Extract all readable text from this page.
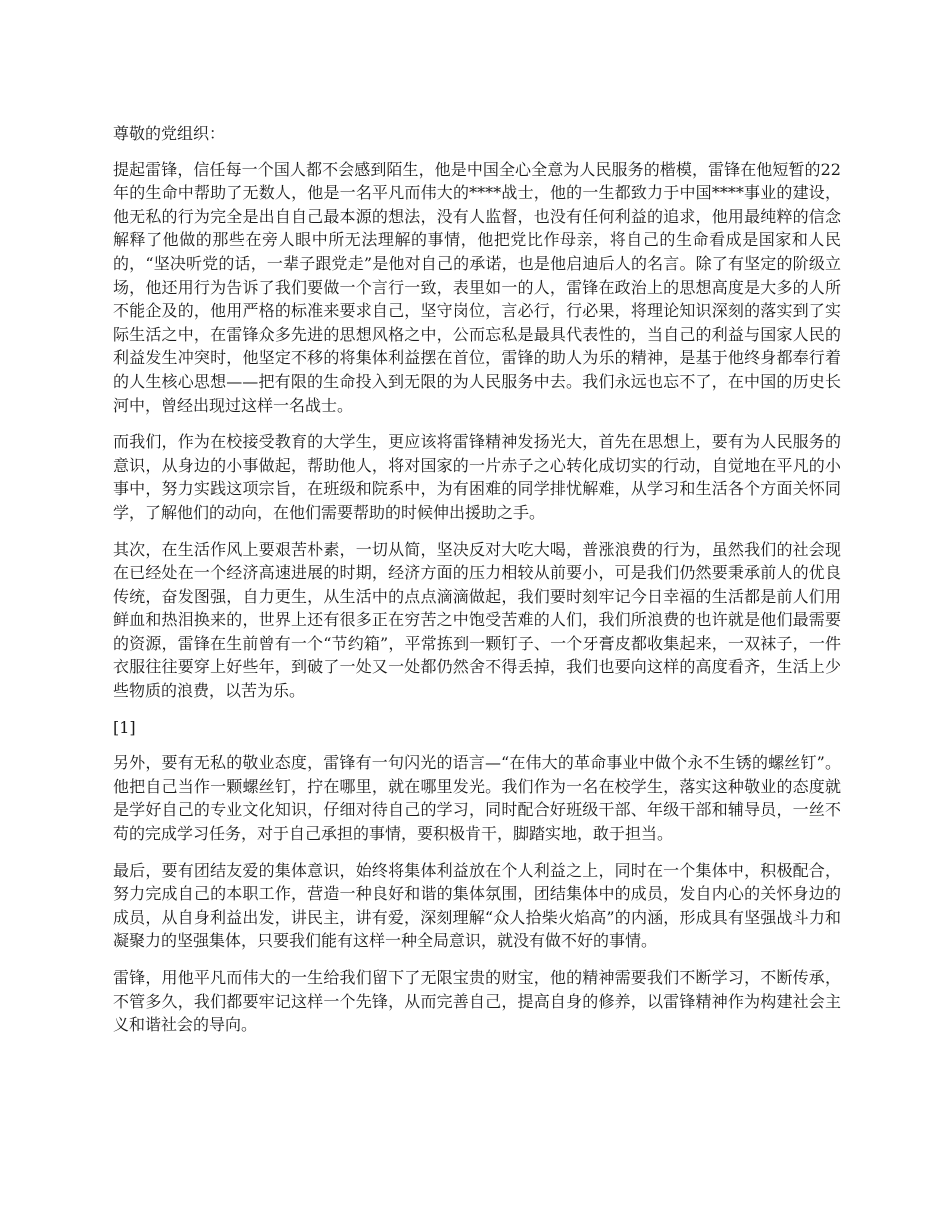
尊敬的党组织：

提起雷锋，信任每一个国人都不会感到陌生，他是中国全心全意为人民服务的楷模，雷锋在他短暂的22年的生命中帮助了无数人，他是一名平凡而伟大的****战士，他的一生都致力于中国****事业的建设，他无私的行为完全是出自自己最本源的想法，没有人监督，也没有任何利益的追求，他用最纯粹的信念解释了他做的那些在旁人眼中所无法理解的事情，他把党比作母亲，将自己的生命看成是国家和人民的，“坚决听党的话，一辈子跟党走”是他对自己的承诺，也是他启迪后人的名言。除了有坚定的阶级立场，他还用行为告诉了我们要做一个言行一致，表里如一的人，雷锋在政治上的思想高度是大多的人所不能企及的，他用严格的标准来要求自己，坚守岗位，言必行，行必果，将理论知识深刻的落实到了实际生活之中，在雷锋众多先进的思想风格之中，公而忘私是最具代表性的，当自己的利益与国家人民的利益发生冲突时，他坚定不移的将集体利益摆在首位，雷锋的助人为乐的精神，是基于他终身都奉行着的人生核心思想——把有限的生命投入到无限的为人民服务中去。我们永远也忘不了，在中国的历史长河中，曾经出现过这样一名战士。

而我们，作为在校接受教育的大学生，更应该将雷锋精神发扬光大，首先在思想上，要有为人民服务的意识，从身边的小事做起，帮助他人，将对国家的一片赤子之心转化成切实的行动，自觉地在平凡的小事中，努力实践这项宗旨，在班级和院系中，为有困难的同学排忧解难，从学习和生活各个方面关怀同学，了解他们的动向，在他们需要帮助的时候伸出援助之手。

其次，在生活作风上要艰苦朴素，一切从简，坚决反对大吃大喝，普涨浪费的行为，虽然我们的社会现在已经处在一个经济高速进展的时期，经济方面的压力相较从前要小，可是我们仍然要秉承前人的优良传统，奋发图强，自力更生，从生活中的点点滴滴做起，我们要时刻牢记今日幸福的生活都是前人们用鲜血和热泪换来的，世界上还有很多正在穷苦之中饱受苦难的人们，我们所浪费的也许就是他们最需要的资源，雷锋在生前曾有一个“节约箱”，平常拣到一颗钉子、一个牙膏皮都收集起来，一双袜子，一件衣服往往要穿上好些年，到破了一处又一处都仍然舍不得丢掉，我们也要向这样的高度看齐，生活上少些物质的浪费，以苦为乐。

[1]

另外，要有无私的敬业态度，雷锋有一句闪光的语言—“在伟大的革命事业中做个永不生锈的螺丝钉”。他把自己当作一颗螺丝钉，拧在哪里，就在哪里发光。我们作为一名在校学生，落实这种敬业的态度就是学好自己的专业文化知识，仔细对待自己的学习，同时配合好班级干部、年级干部和辅导员，一丝不苟的完成学习任务，对于自己承担的事情，要积极肯干，脚踏实地，敢于担当。

最后，要有团结友爱的集体意识，始终将集体利益放在个人利益之上，同时在一个集体中，积极配合，努力完成自己的本职工作，营造一种良好和谐的集体氛围，团结集体中的成员，发自内心的关怀身边的成员，从自身利益出发，讲民主，讲有爱，深刻理解“众人拾柴火焰高”的内涵，形成具有坚强战斗力和凝聚力的坚强集体，只要我们能有这样一种全局意识，就没有做不好的事情。

雷锋，用他平凡而伟大的一生给我们留下了无限宝贵的财宝，他的精神需要我们不断学习，不断传承，不管多久，我们都要牢记这样一个先锋，从而完善自己，提高自身的修养，以雷锋精神作为构建社会主义和谐社会的导向。
